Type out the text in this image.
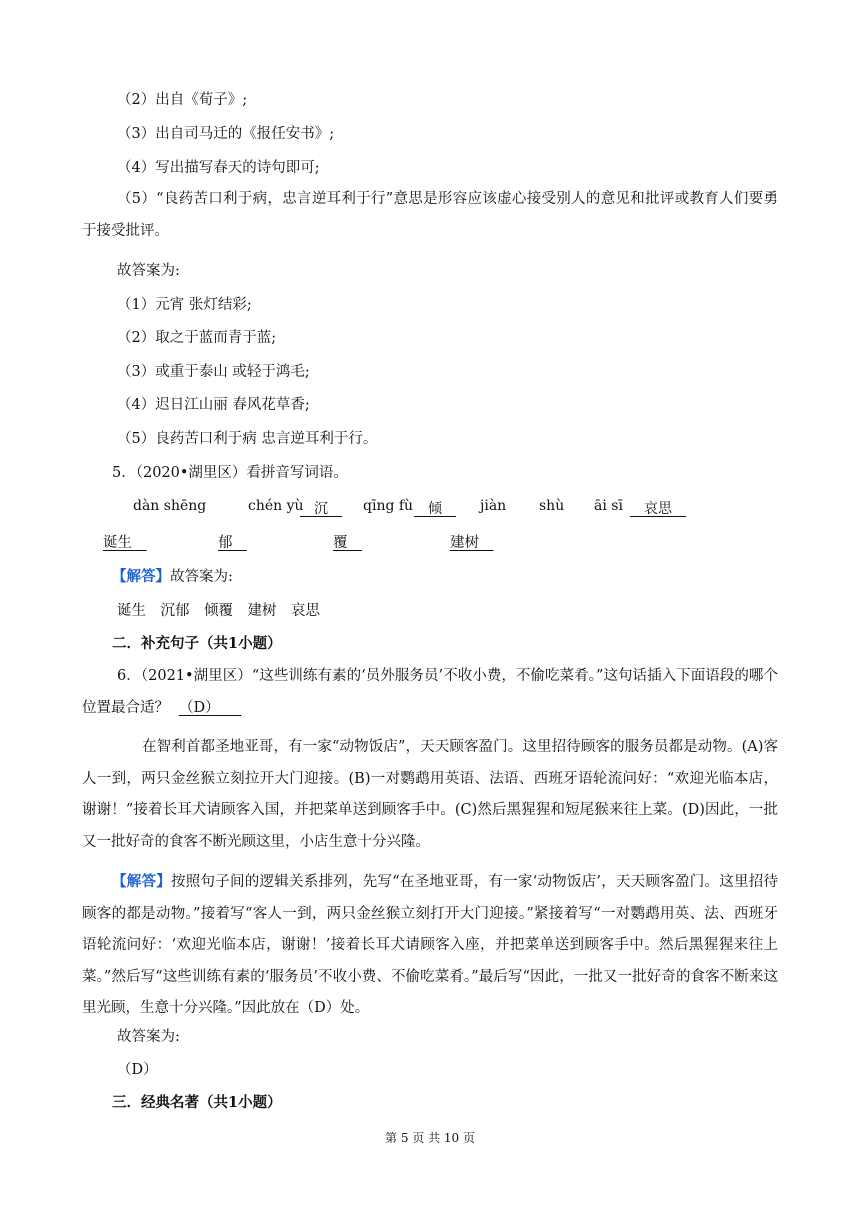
（2）出自《荀子》;
（3）出自司马迁的《报任安书》;
（4）写出描写春天的诗句即可;
（5）“良药苦口利于病，忠言逆耳利于行”意思是形容应该虚心接受别人的意见和批评或教育人们要勇于接受批评。
故答案为:
（1）元宵 张灯结彩;
（2）取之于蓝而青于蓝;
（3）或重于泰山 或轻于鸿毛;
（4）迟日江山丽 春风花草香;
（5）良药苦口利于病 忠言逆耳利于行。
5．（2020•湖里区）看拼音写词语。
dàn shēng	chén yù
　 沉　	qīng fù
　	倾　	jiàn shù āi sī
　	哀思　
诞生　	郁　	覆　	建树　
【解答】故答案为:
诞生　沉郁　倾覆　建树　哀思
二．补充句子（共1小题）
6．（2021•湖里区）“这些训练有素的‘员外服务员’不收小费，不偷吃菜肴。”这句话插入下面语段的哪个位置最合适？ （D）　　
在智利首都圣地亚哥，有一家“动物饭店”，天天顾客盈门。这里招待顾客的服务员都是动物。(A)客人一到，两只金丝猴立刻拉开大门迎接。(B)一对鹦鹉用英语、法语、西班牙语轮流问好：“欢迎光临本店，谢谢！”接着长耳犬请顾客入国，并把菜单送到顾客手中。(C)然后黑猩猩和短尾猴来往上菜。(D)因此，一批又一批好奇的食客不断光顾这里，小店生意十分兴隆。
【解答】按照句子间的逻辑关系排列，先写“在圣地亚哥，有一家‘动物饭店’，天天顾客盈门。这里招待顾客的都是动物。”接着写“客人一到，两只金丝猴立刻打开大门迎接。”紧接着写“一对鹦鹉用英、法、西班牙语轮流问好：‘欢迎光临本店，谢谢！’接着长耳犬请顾客入座，并把菜单送到顾客手中。然后黑猩猩来往上菜。”然后写“这些训练有素的‘服务员’不收小费、不偷吃菜肴。”最后写“因此，一批又一批好奇的食客不断来这里光顾，生意十分兴隆。”因此放在（D）处。
故答案为:
（D）
三．经典名著（共1小题）
第 5 页 共 10 页
